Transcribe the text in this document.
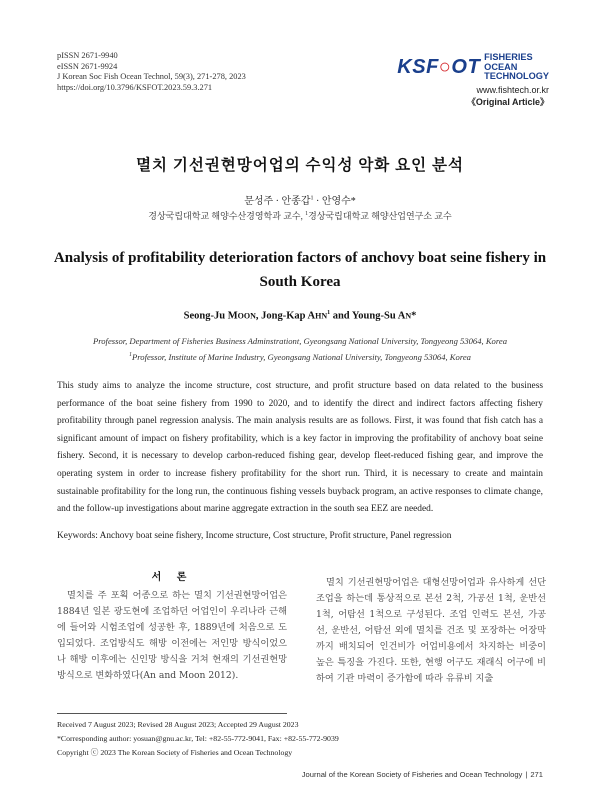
pISSN 2671-9940
eISSN 2671-9924
J Korean Soc Fish Ocean Technol, 59(3), 271-278, 2023
https://doi.org/10.3796/KSFOT.2023.59.3.271
KSF○OT FISHERIES OCEAN
TECHNOLOGY
www.fishtech.or.kr
《Original Article》
멸치 기선권현망어업의 수익성 악화 요인 분석
문성주 · 안종갑$^1$ · 안영수*
경상국립대학교 해양수산경영학과 교수, $^1$경상국립대학교 해양산업연구소 교수
Analysis of profitability deterioration factors of anchovy boat seine fishery in South Korea
Seong-Ju MOON, Jong-Kap AHN$^1$ and Young-Su AN*
Professor, Department of Fisheries Business Adminstrationt, Gyeongsang National University, Tongyeong 53064, Korea
$^1$Professor, Institute of Marine Industry, Gyeongsang National University, Tongyeong 53064, Korea
This study aims to analyze the income structure, cost structure, and profit structure based on data related to the business performance of the boat seine fishery from 1990 to 2020, and to identify the direct and indirect factors affecting fishery profitability through panel regression analysis. The main analysis results are as follows. First, it was found that fish catch has a significant amount of impact on fishery profitability, which is a key factor in improving the profitability of anchovy boat seine fishery. Second, it is necessary to develop carbon-reduced fishing gear, develop fleet-reduced fishing gear, and improve the operating system in order to increase fishery profitability for the short run. Third, it is necessary to create and maintain sustainable profitability for the long run, the continuous fishing vessels buyback program, an active responses to climate change, and the follow-up investigations about marine aggregate extraction in the south sea EEZ are needed.
Keywords: Anchovy boat seine fishery, Income structure, Cost structure, Profit structure, Panel regression
서 론
멸치를 주 포획 어종으로 하는 멸치 기선권현망어업은 1884년 일본 광도현에 조업하던 어업인이 우리나라 근해에 들어와 시험조업에 성공한 후, 1889년에 처음으로 도입되었다. 조업방식도 해방 이전에는 저인망 방식이었으나 해방 이후에는 신인망 방식을 거쳐 현재의 기선권현망 방식으로 변화하였다(An and Moon 2012).
멸치 기선권현망어업은 대형선망어업과 유사하게 선단조업을 하는데 통상적으로 본선 2척, 가공선 1척, 운반선 1척, 어탐선 1척으로 구성된다. 조업 인력도 본선, 가공선, 운반선, 어탐선 외에 멸치를 건조 및 포장하는 어장막까지 배치되어 인건비가 어업비용에서 차지하는 비중이 높은 특징을 가진다. 또한, 현행 어구도 재래식 어구에 비하여 기관 마력이 증가함에 따라 유류비 지출
Received 7 August 2023; Revised 28 August 2023; Accepted 29 August 2023
*Corresponding author: yosuan@gnu.ac.kr, Tel: +82-55-772-9041, Fax: +82-55-772-9039
Copyright ⓒ 2023 The Korean Society of Fisheries and Ocean Technology
Journal of the Korean Society of Fisheries and Ocean Technology | 271
